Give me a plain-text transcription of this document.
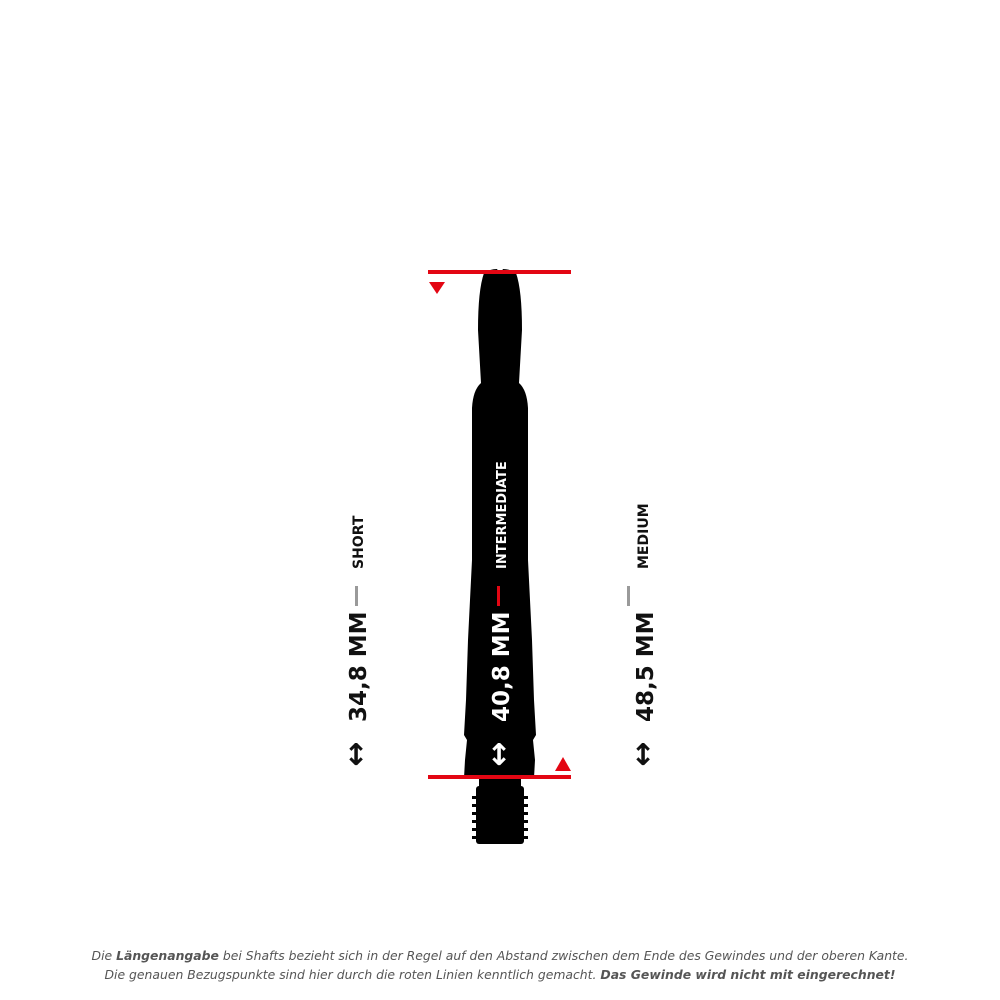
SHORT
34,8 MM
↕
INTERMEDIATE
40,8 MM
↕
MEDIUM
48,5 MM
↕
Die Längenangabe bei Shafts bezieht sich in der Regel auf den Abstand zwischen dem Ende des Gewindes und der oberen Kante.
Die genauen Bezugspunkte sind hier durch die roten Linien kenntlich gemacht. Das Gewinde wird nicht mit eingerechnet!
